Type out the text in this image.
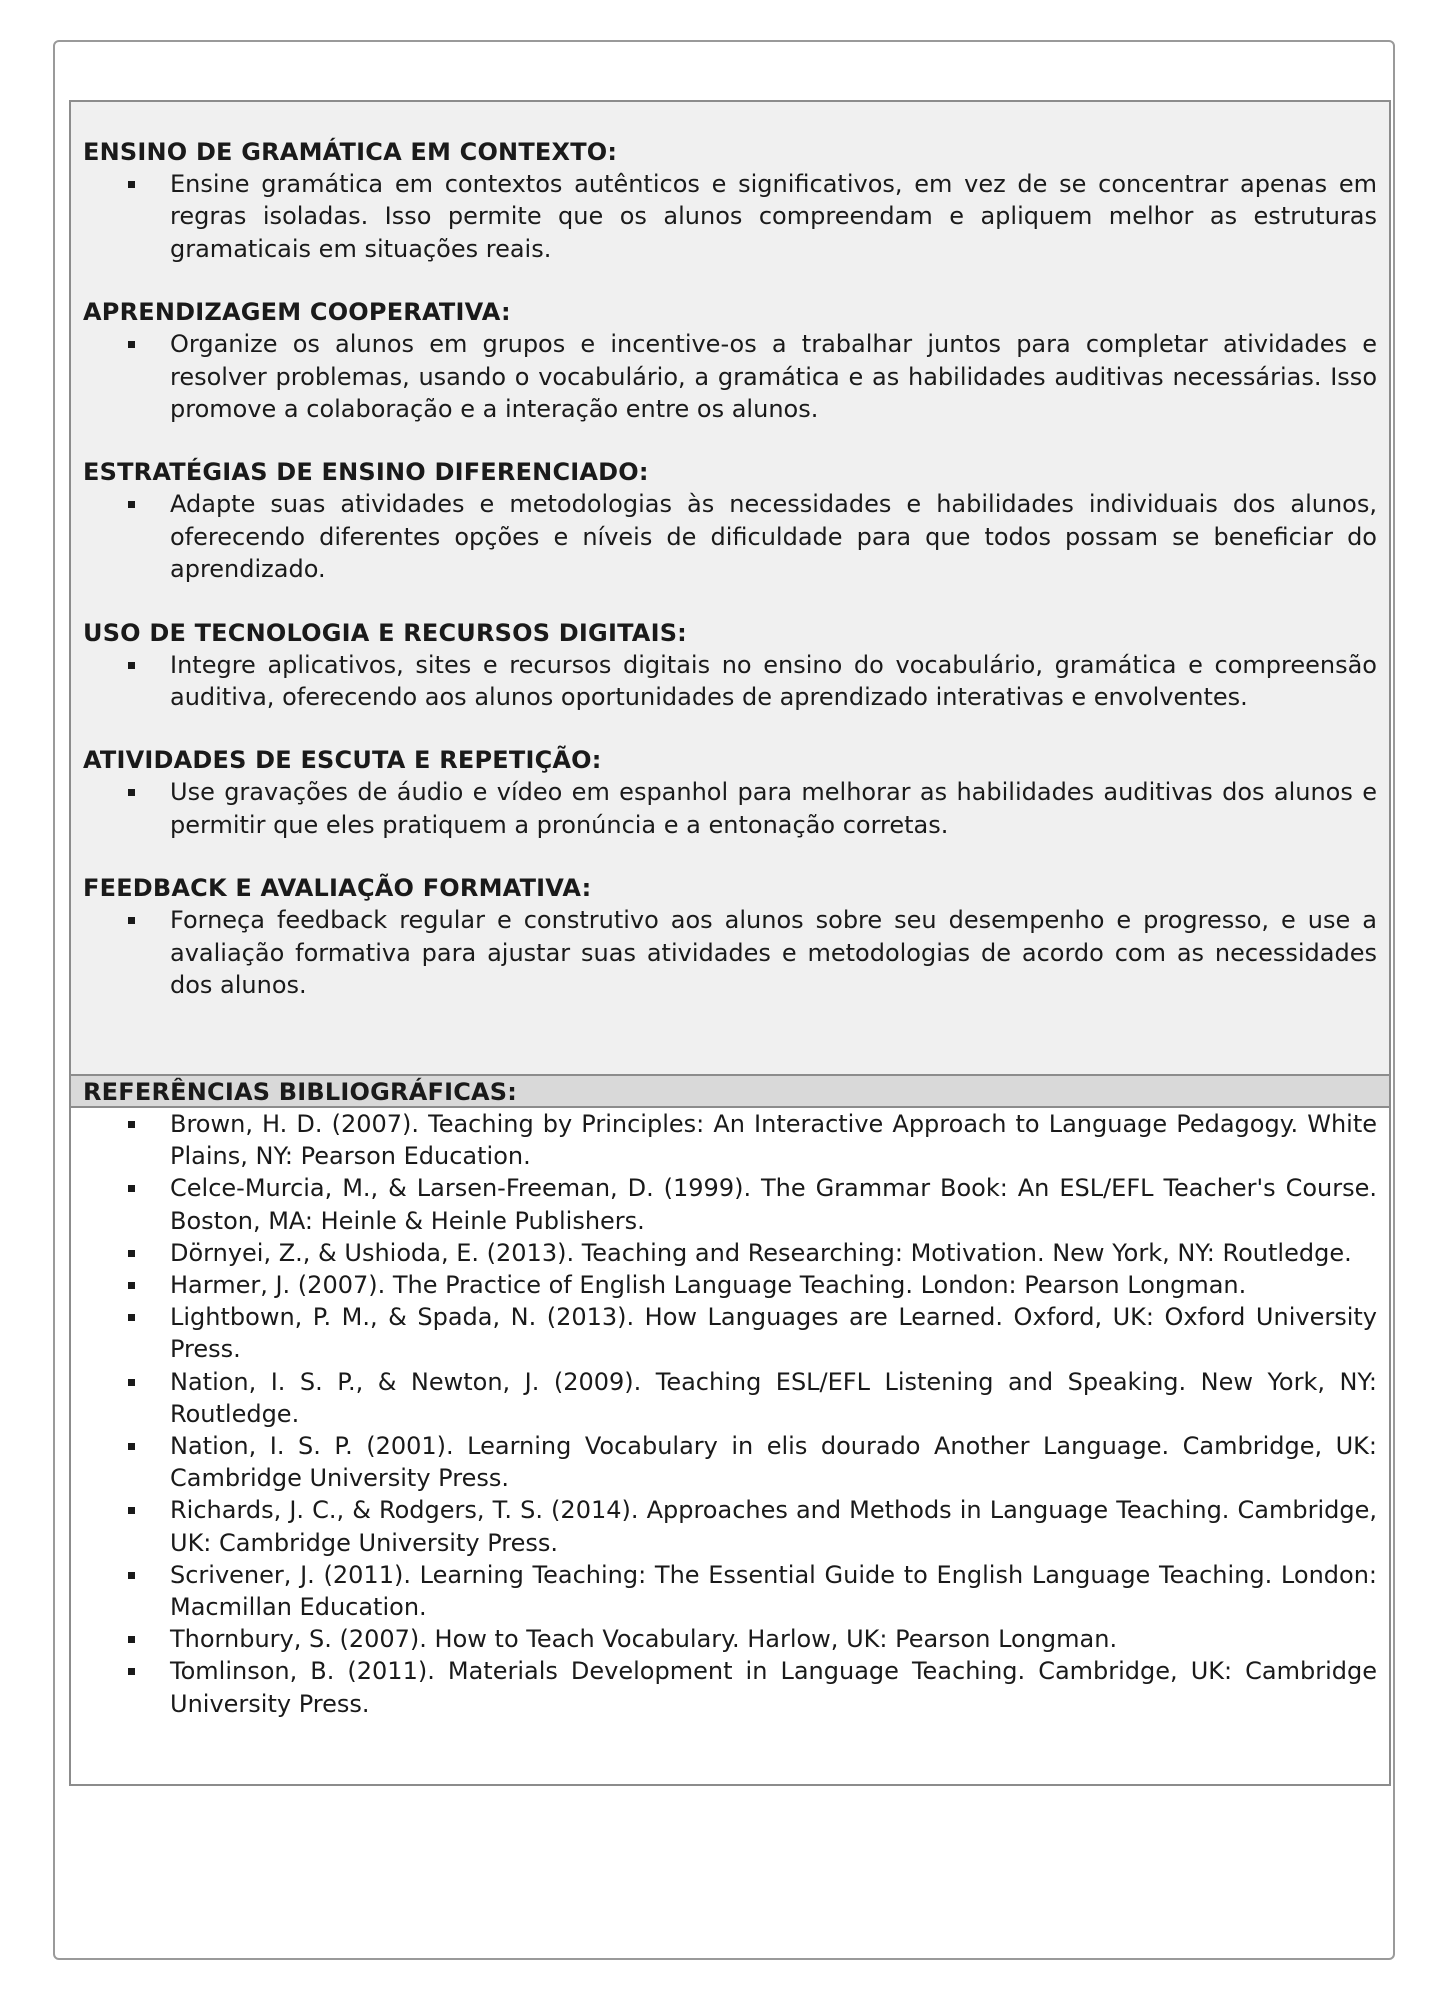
ENSINO DE GRAMÁTICA EM CONTEXTO:
Ensine gramática em contextos autênticos e significativos, em vez de se concentrar apenas em regras isoladas. Isso permite que os alunos compreendam e apliquem melhor as estruturas gramaticais em situações reais.
APRENDIZAGEM COOPERATIVA:
Organize os alunos em grupos e incentive-os a trabalhar juntos para completar atividades e resolver problemas, usando o vocabulário, a gramática e as habilidades auditivas necessárias. Isso promove a colaboração e a interação entre os alunos.
ESTRATÉGIAS DE ENSINO DIFERENCIADO:
Adapte suas atividades e metodologias às necessidades e habilidades individuais dos alunos, oferecendo diferentes opções e níveis de dificuldade para que todos possam se beneficiar do aprendizado.
USO DE TECNOLOGIA E RECURSOS DIGITAIS:
Integre aplicativos, sites e recursos digitais no ensino do vocabulário, gramática e compreensão auditiva, oferecendo aos alunos oportunidades de aprendizado interativas e envolventes.
ATIVIDADES DE ESCUTA E REPETIÇÃO:
Use gravações de áudio e vídeo em espanhol para melhorar as habilidades auditivas dos alunos e permitir que eles pratiquem a pronúncia e a entonação corretas.
FEEDBACK E AVALIAÇÃO FORMATIVA:
Forneça feedback regular e construtivo aos alunos sobre seu desempenho e progresso, e use a avaliação formativa para ajustar suas atividades e metodologias de acordo com as necessidades dos alunos.
REFERÊNCIAS BIBLIOGRÁFICAS:
Brown, H. D. (2007). Teaching by Principles: An Interactive Approach to Language Pedagogy. White Plains, NY: Pearson Education.
Celce-Murcia, M., & Larsen-Freeman, D. (1999). The Grammar Book: An ESL/EFL Teacher's Course. Boston, MA: Heinle & Heinle Publishers.
Dörnyei, Z., & Ushioda, E. (2013). Teaching and Researching: Motivation. New York, NY: Routledge.
Harmer, J. (2007). The Practice of English Language Teaching. London: Pearson Longman.
Lightbown, P. M., & Spada, N. (2013). How Languages are Learned. Oxford, UK: Oxford University Press.
Nation, I. S. P., & Newton, J. (2009). Teaching ESL/EFL Listening and Speaking. New York, NY: Routledge.
Nation, I. S. P. (2001). Learning Vocabulary in elis dourado Another Language. Cambridge, UK: Cambridge University Press.
Richards, J. C., & Rodgers, T. S. (2014). Approaches and Methods in Language Teaching. Cambridge, UK: Cambridge University Press.
Scrivener, J. (2011). Learning Teaching: The Essential Guide to English Language Teaching. London: Macmillan Education.
Thornbury, S. (2007). How to Teach Vocabulary. Harlow, UK: Pearson Longman.
Tomlinson, B. (2011). Materials Development in Language Teaching. Cambridge, UK: Cambridge University Press.
